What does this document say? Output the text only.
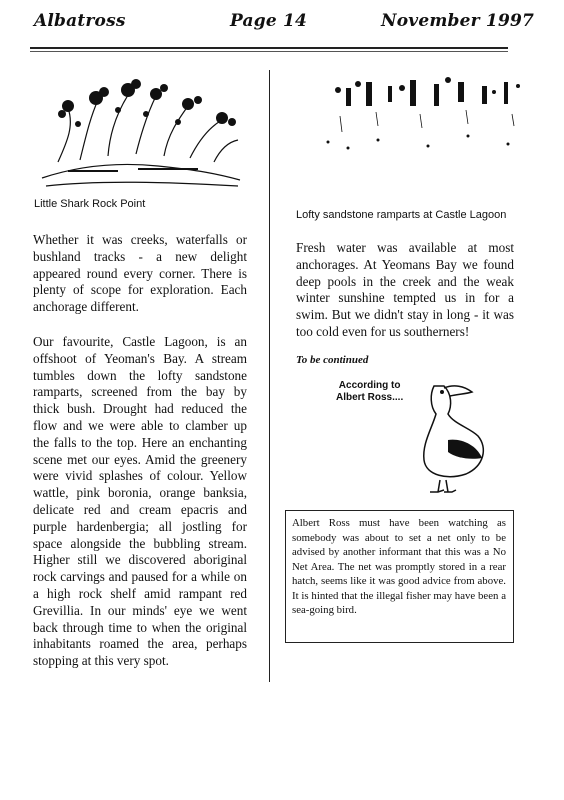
Albatross	Page 14	November 1997
Little Shark Rock Point

Whether it was creeks, waterfalls or bushland tracks - a new delight appeared round every corner. There is plenty of scope for exploration. Each anchorage different.

Our favourite, Castle Lagoon, is an offshoot of Yeoman's Bay. A stream tumbles down the lofty sandstone ramparts, screened from the bay by thick bush. Drought had reduced the flow and we were able to clamber up the falls to the top. Here an enchanting scene met our eyes. Amid the greenery were vivid splashes of colour. Yellow wattle, pink boronia, orange banksia, delicate red and cream epacris and purple hardenbergia; all jostling for space alongside the bubbling stream. Higher still we discovered aboriginal rock carvings and paused for a while on a high rock shelf amid rampant red Grevillia. In our minds' eye we went back through time to when the original inhabitants roamed the area, perhaps stopping at this very spot.

Lofty sandstone ramparts at Castle Lagoon

Fresh water was available at most anchorages. At Yeomans Bay we found deep pools in the creek and the weak winter sunshine tempted us in for a swim. But we didn't stay in long - it was too cold even for us southerners!

To be continued
According to
Albert Ross....
Albert Ross must have been watching as somebody was about to set a net only to be advised by another informant that this was a No Net Area. The net was promptly stored in a rear hatch, seems like it was good advice from above. It is hinted that the illegal fisher may have been a sea-going bird.
